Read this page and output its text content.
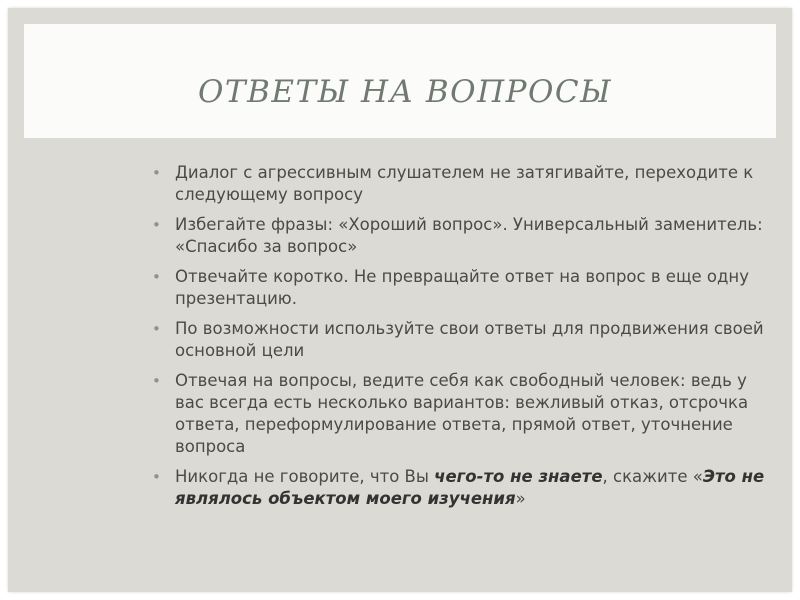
ОТВЕТЫ НА ВОПРОСЫ
• Диалог с агрессивным слушателем не затягивайте, переходите к следующему вопросу
• Избегайте фразы: «Хороший вопрос». Универсальный заменитель: «Спасибо за вопрос»
• Отвечайте коротко. Не превращайте ответ на вопрос в еще одну презентацию.
• По возможности используйте свои ответы для продвижения своей основной цели
• Отвечая на вопросы, ведите себя как свободный человек: ведь у вас всегда есть несколько вариантов: вежливый отказ, отсрочка ответа, переформулирование ответа, прямой ответ, уточнение вопроса
• Никогда не говорите, что Вы чего-то не знаете, скажите «Это не являлось объектом моего изучения»
